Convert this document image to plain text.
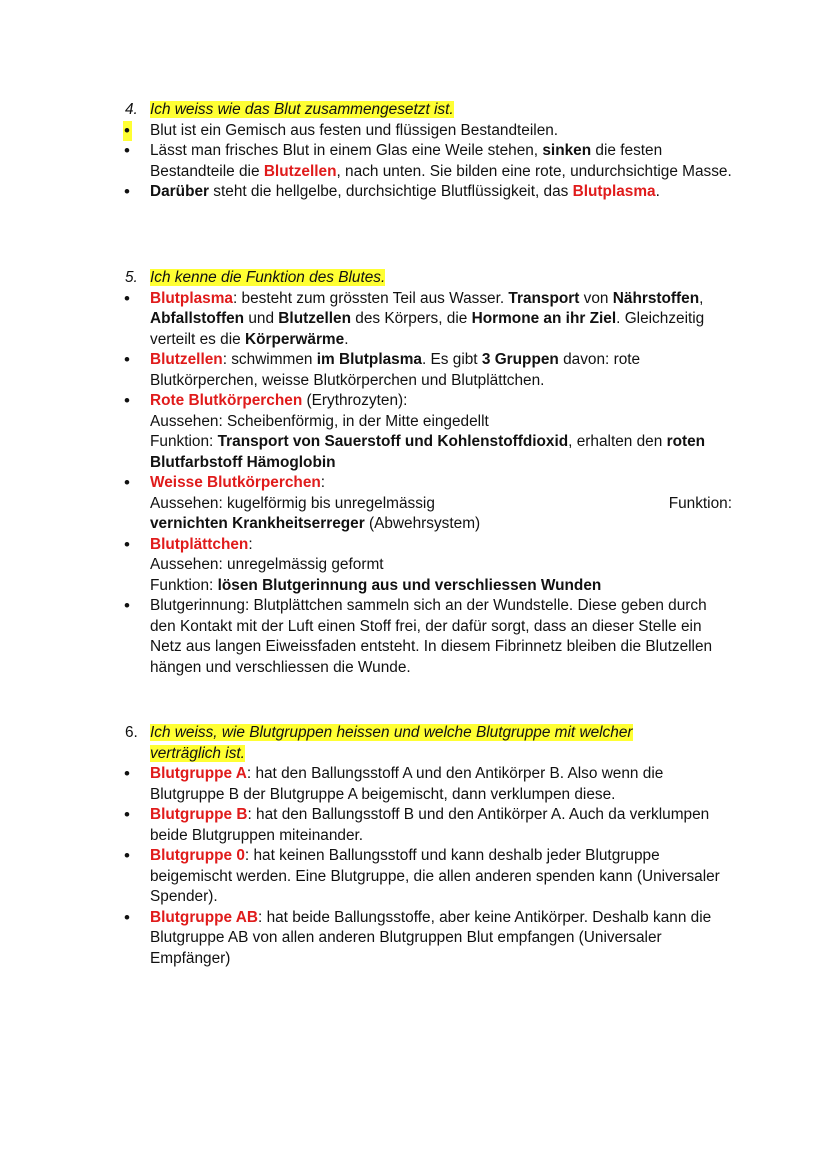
4. Ich weiss wie das Blut zusammengesetzt ist.
• Blut ist ein Gemisch aus festen und flüssigen Bestandteilen.
• Lässt man frisches Blut in einem Glas eine Weile stehen, sinken die festen Bestandteile die Blutzellen, nach unten. Sie bilden eine rote, undurchsichtige Masse.
• Darüber steht die hellgelbe, durchsichtige Blutflüssigkeit, das Blutplasma.
5. Ich kenne die Funktion des Blutes.
• Blutplasma: besteht zum grössten Teil aus Wasser. Transport von Nährstoffen, Abfallstoffen und Blutzellen des Körpers, die Hormone an ihr Ziel. Gleichzeitig verteilt es die Körperwärme.
• Blutzellen: schwimmen im Blutplasma. Es gibt 3 Gruppen davon: rote Blutkörperchen, weisse Blutkörperchen und Blutplättchen.
• Rote Blutkörperchen (Erythrozyten):
Aussehen: Scheibenförmig, in der Mitte eingedellt
Funktion: Transport von Sauerstoff und Kohlenstoffdioxid, erhalten den roten Blutfarbstoff Hämoglobin
• Weisse Blutkörperchen:
Aussehen: kugelförmig bis unregelmässig	Funktion:
vernichten Krankheitserreger (Abwehrsystem)
• Blutplättchen:
Aussehen: unregelmässig geformt
Funktion: lösen Blutgerinnung aus und verschliessen Wunden
• Blutgerinnung: Blutplättchen sammeln sich an der Wundstelle. Diese geben durch den Kontakt mit der Luft einen Stoff frei, der dafür sorgt, dass an dieser Stelle ein Netz aus langen Eiweissfaden entsteht. In diesem Fibrinnetz bleiben die Blutzellen hängen und verschliessen die Wunde.
6. Ich weiss, wie Blutgruppen heissen und welche Blutgruppe mit welcher
verträglich ist.
• Blutgruppe A: hat den Ballungsstoff A und den Antikörper B. Also wenn die Blutgruppe B der Blutgruppe A beigemischt, dann verklumpen diese.
• Blutgruppe B: hat den Ballungsstoff B und den Antikörper A. Auch da verklumpen beide Blutgruppen miteinander.
• Blutgruppe 0: hat keinen Ballungsstoff und kann deshalb jeder Blutgruppe beigemischt werden. Eine Blutgruppe, die allen anderen spenden kann (Universaler Spender).
• Blutgruppe AB: hat beide Ballungsstoffe, aber keine Antikörper. Deshalb kann die Blutgruppe AB von allen anderen Blutgruppen Blut empfangen (Universaler Empfänger)
